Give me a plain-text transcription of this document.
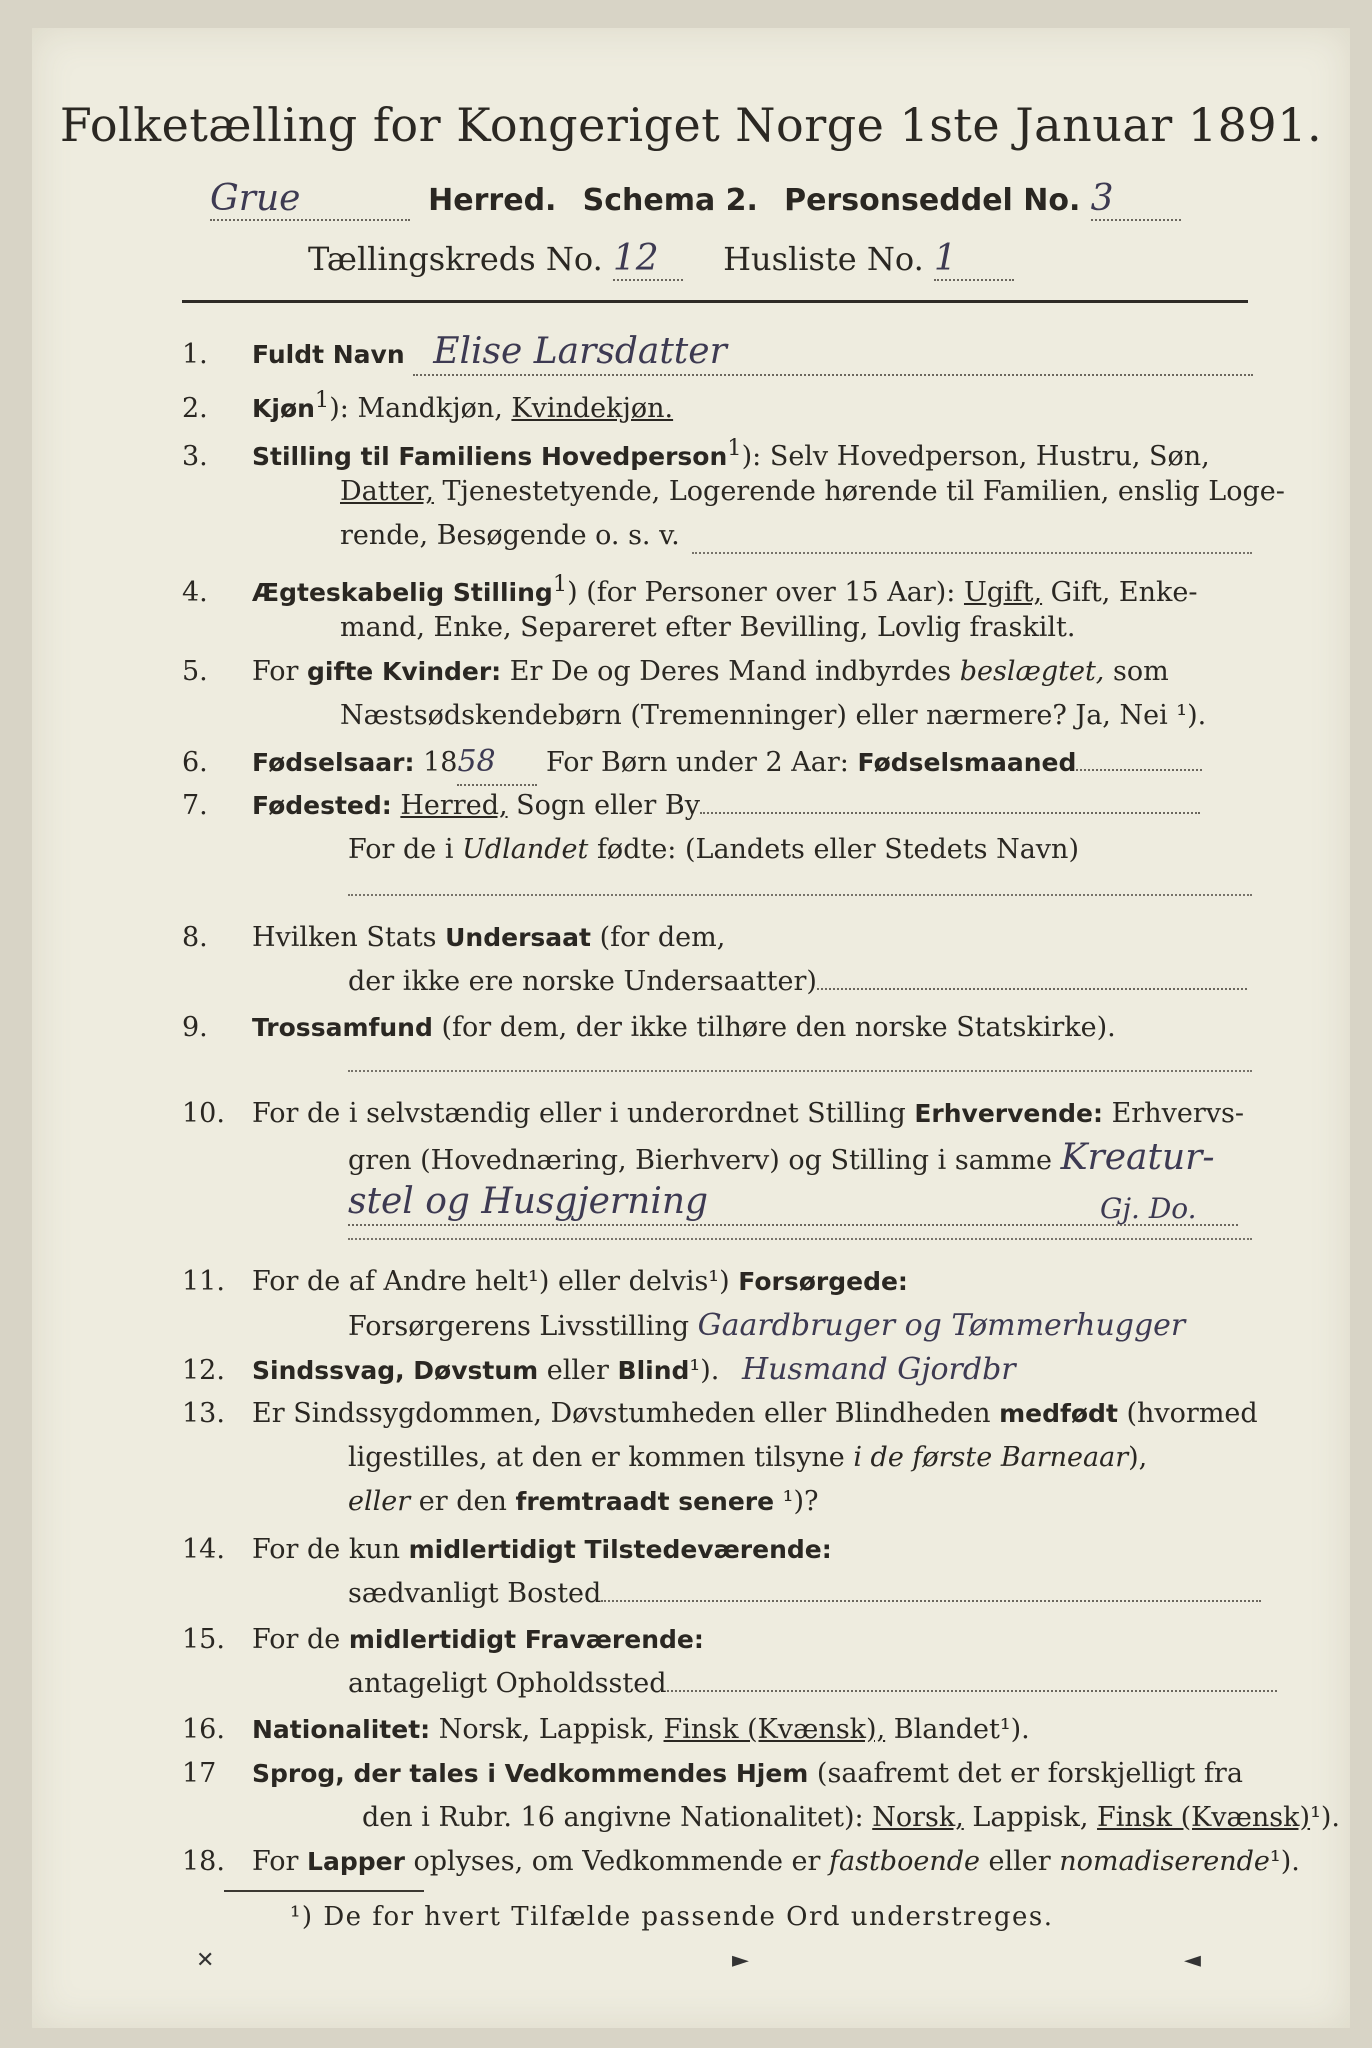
Folketælling for Kongeriget Norge 1ste Januar 1891.
Grue	Herred. Schema 2. Personseddel No. 3
Tællingskreds No. 12 Husliste No. 1
1. Fuldt Navn Elise Larsdatter
2. Kjøn$^1$): Mandkjøn, Kvindekjøn.
3. Stilling til Familiens Hovedperson$^1$): Selv Hovedperson, Hustru, Søn,
Datter, Tjenestetyende, Logerende hørende til Familien, enslig Loge-
rende, Besøgende o. s. v.
4. Ægteskabelig Stilling$^1$) (for Personer over 15 Aar): Ugift, Gift, Enke-
mand, Enke, Separeret efter Bevilling, Lovlig fraskilt.
5. For gifte Kvinder: Er De og Deres Mand indbyrdes beslægtet, som
Næstsødskendebørn (Tremenninger) eller nærmere? Ja, Nei ¹).
6. Fødselsaar: 1858 For Børn under 2 Aar: Fødselsmaaned
7. Fødested: Herred, Sogn eller By
For de i Udlandet fødte: (Landets eller Stedets Navn)
8. Hvilken Stats Undersaat (for dem,
der ikke ere norske Undersaatter)
9. Trossamfund (for dem, der ikke tilhøre den norske Statskirke).
10. For de i selvstændig eller i underordnet Stilling Erhvervende: Erhvervs-
gren (Hovednæring, Bierhverv) og Stilling i samme Kreatur-
stel og Husgjerning	Gj. Do.
11. For de af Andre helt¹) eller delvis¹) Forsørgede:
Forsørgerens Livsstilling Gaardbruger og Tømmerhugger
12. Sindssvag, Døvstum eller Blind¹). Husmand Gjordbr
13. Er Sindssygdommen, Døvstumheden eller Blindheden medfødt (hvormed
ligestilles, at den er kommen tilsyne i de første Barneaar),
eller er den fremtraadt senere ¹)?
14. For de kun midlertidigt Tilstedeværende:
sædvanligt Bosted
15. For de midlertidigt Fraværende:
antageligt Opholdssted
16. Nationalitet: Norsk, Lappisk, Finsk (Kvænsk), Blandet¹).
17 Sprog, der tales i Vedkommendes Hjem (saafremt det er forskjelligt fra
den i Rubr. 16 angivne Nationalitet): Norsk, Lappisk, Finsk (Kvænsk)¹).
18. For Lapper oplyses, om Vedkommende er fastboende eller nomadiserende¹).
¹) De for hvert Tilfælde passende Ord understreges.
✕	►	◄
